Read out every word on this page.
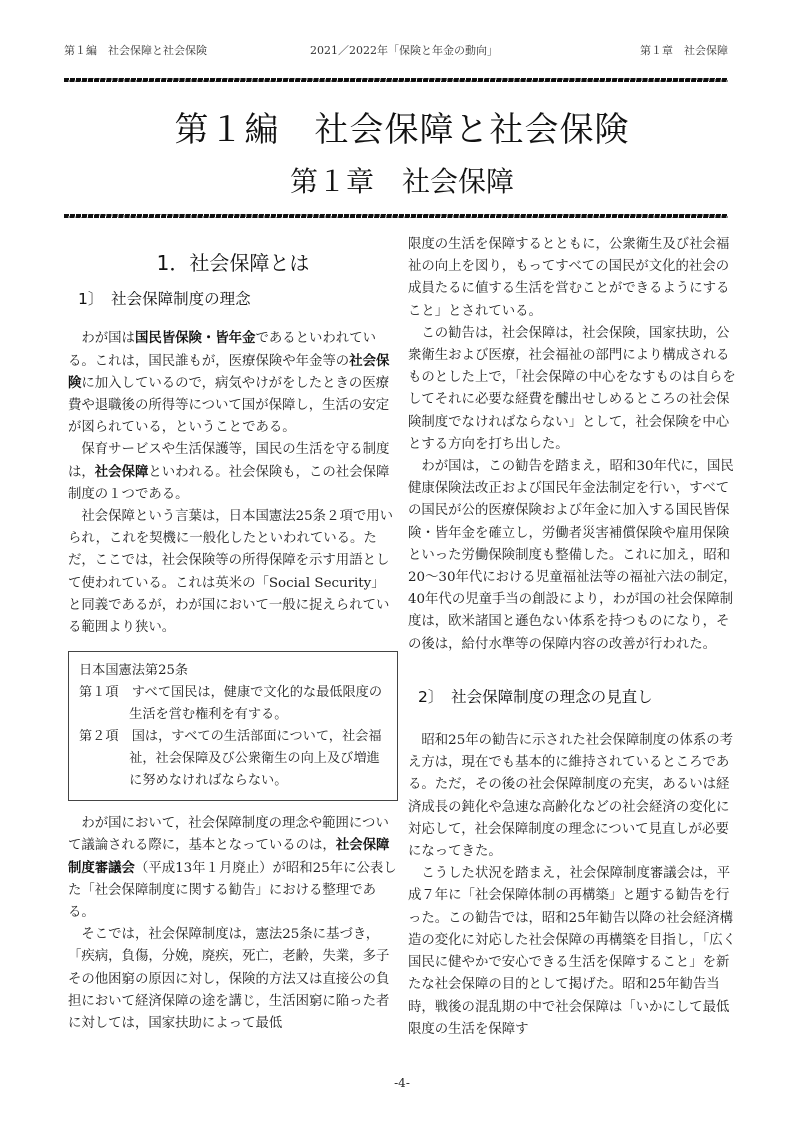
第１編　社会保障と社会保険	2021／2022年「保険と年金の動向」	第１章　社会保障
第１編　社会保障と社会保険
第１章　社会保障
1．社会保障とは
1〕　社会保障制度の理念

わが国は国民皆保険・皆年金であるといわれている。これは，国民誰もが，医療保険や年金等の社会保険に加入しているので，病気やけがをしたときの医療費や退職後の所得等について国が保障し，生活の安定が図られている，ということである。

保育サービスや生活保護等，国民の生活を守る制度は，社会保障といわれる。社会保険も，この社会保障制度の１つである。

社会保障という言葉は，日本国憲法25条２項で用いられ，これを契機に一般化したといわれている。ただ，ここでは，社会保険等の所得保障を示す用語として使われている。これは英米の「Social Security」と同義であるが，わが国において一般に捉えられている範囲より狭い。

日本国憲法第25条
第１項　すべて国民は，健康で文化的な最低限度の生活を営む権利を有する。
第２項　国は，すべての生活部面について，社会福祉，社会保障及び公衆衛生の向上及び増進に努めなければならない。

わが国において，社会保障制度の理念や範囲について議論される際に，基本となっているのは，社会保障制度審議会（平成13年１月廃止）が昭和25年に公表した「社会保障制度に関する勧告」における整理である。

そこでは，社会保障制度は，憲法25条に基づき，「疾病，負傷，分娩，廃疾，死亡，老齢，失業，多子その他困窮の原因に対し，保険的方法又は直接公の負担において経済保障の途を講じ，生活困窮に陥った者に対しては，国家扶助によって最低

限度の生活を保障するとともに，公衆衛生及び社会福祉の向上を図り，もってすべての国民が文化的社会の成員たるに値する生活を営むことができるようにすること」とされている。

この勧告は，社会保障は，社会保険，国家扶助，公衆衛生および医療，社会福祉の部門により構成されるものとした上で，「社会保障の中心をなすものは自らをしてそれに必要な経費を醵出せしめるところの社会保険制度でなければならない」として，社会保険を中心とする方向を打ち出した。

わが国は，この勧告を踏まえ，昭和30年代に，国民健康保険法改正および国民年金法制定を行い，すべての国民が公的医療保険および年金に加入する国民皆保険・皆年金を確立し，労働者災害補償保険や雇用保険といった労働保険制度も整備した。これに加え，昭和20～30年代における児童福祉法等の福祉六法の制定，40年代の児童手当の創設により，わが国の社会保障制度は，欧米諸国と遜色ない体系を持つものになり，その後は，給付水準等の保障内容の改善が行われた。

2〕　社会保障制度の理念の見直し

昭和25年の勧告に示された社会保障制度の体系の考え方は，現在でも基本的に維持されているところである。ただ，その後の社会保障制度の充実，あるいは経済成長の鈍化や急速な高齢化などの社会経済の変化に対応して，社会保障制度の理念について見直しが必要になってきた。

こうした状況を踏まえ，社会保障制度審議会は，平成７年に「社会保障体制の再構築」と題する勧告を行った。この勧告では，昭和25年勧告以降の社会経済構造の変化に対応した社会保障の再構築を目指し，「広く国民に健やかで安心できる生活を保障すること」を新たな社会保障の目的として掲げた。昭和25年勧告当時，戦後の混乱期の中で社会保障は「いかにして最低限度の生活を保障す

-4-
